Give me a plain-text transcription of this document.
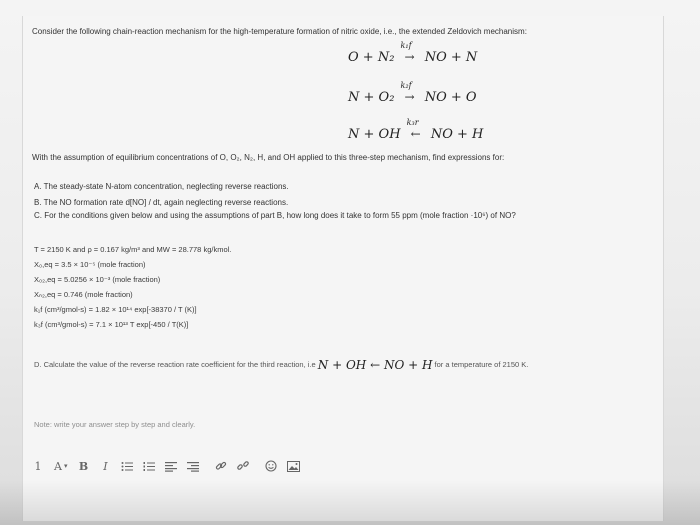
Consider the following chain-reaction mechanism for the high-temperature formation of nitric oxide, i.e., the extended Zeldovich mechanism:
O + N₂
k₁f
→ NO + N
N + O₂
k₂f
→ NO + O
N + OH
k₃r
← NO + H
With the assumption of equilibrium concentrations of O, O₂, N₂, H, and OH applied to this three-step mechanism, find expressions for:
A. The steady-state N-atom concentration, neglecting reverse reactions.
B. The NO formation rate d[NO] / dt, again neglecting reverse reactions.
C. For the conditions given below and using the assumptions of part B, how long does it take to form 55 ppm (mole fraction ·10⁶) of NO?
T = 2150 K and ρ = 0.167 kg/m³ and MW = 28.778 kg/kmol.
X₀,eq = 3.5 × 10⁻⁵ (mole fraction)
X₀₂,eq = 5.0256 × 10⁻³ (mole fraction)
Xₙ₂,eq = 0.746 (mole fraction)
k₁f (cm³/gmol-s) = 1.82 × 10¹⁴ exp[-38370 / T (K)]
k₃f (cm³/gmol-s) = 7.1 × 10¹³ T exp[-450 / T(K)]
D. Calculate the value of the reverse reaction rate coefficient for the third reaction, i.e N + OH ← NO + H for a temperature of 2150 K.
Note: write your answer step by step and clearly.
1 A ▾ B I
